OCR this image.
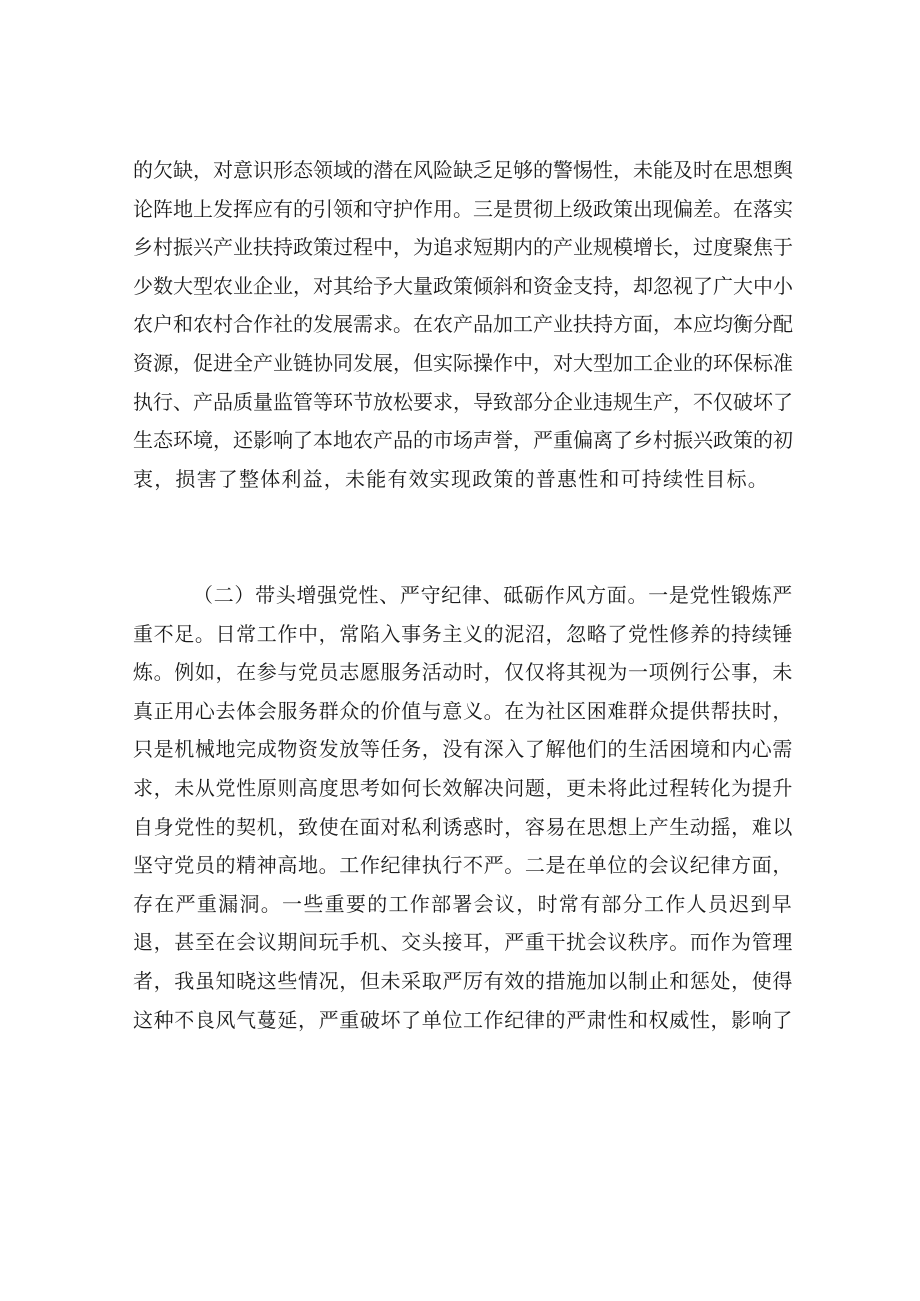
的欠缺，对意识形态领域的潜在风险缺乏足够的警惕性，未能及时在思想舆
论阵地上发挥应有的引领和守护作用。三是贯彻上级政策出现偏差。在落实
乡村振兴产业扶持政策过程中，为追求短期内的产业规模增长，过度聚焦于
少数大型农业企业，对其给予大量政策倾斜和资金支持，却忽视了广大中小
农户和农村合作社的发展需求。在农产品加工产业扶持方面，本应均衡分配
资源，促进全产业链协同发展，但实际操作中，对大型加工企业的环保标准
执行、产品质量监管等环节放松要求，导致部分企业违规生产，不仅破坏了
生态环境，还影响了本地农产品的市场声誉，严重偏离了乡村振兴政策的初
衷，损害了整体利益，未能有效实现政策的普惠性和可持续性目标。
（二）带头增强党性、严守纪律、砥砺作风方面。一是党性锻炼严
重不足。日常工作中，常陷入事务主义的泥沼，忽略了党性修养的持续锤
炼。例如，在参与党员志愿服务活动时，仅仅将其视为一项例行公事，未
真正用心去体会服务群众的价值与意义。在为社区困难群众提供帮扶时，
只是机械地完成物资发放等任务，没有深入了解他们的生活困境和内心需
求，未从党性原则高度思考如何长效解决问题，更未将此过程转化为提升
自身党性的契机，致使在面对私利诱惑时，容易在思想上产生动摇，难以
坚守党员的精神高地。工作纪律执行不严。二是在单位的会议纪律方面，
存在严重漏洞。一些重要的工作部署会议，时常有部分工作人员迟到早
退，甚至在会议期间玩手机、交头接耳，严重干扰会议秩序。而作为管理
者，我虽知晓这些情况，但未采取严厉有效的措施加以制止和惩处，使得
这种不良风气蔓延，严重破坏了单位工作纪律的严肃性和权威性，影响了
